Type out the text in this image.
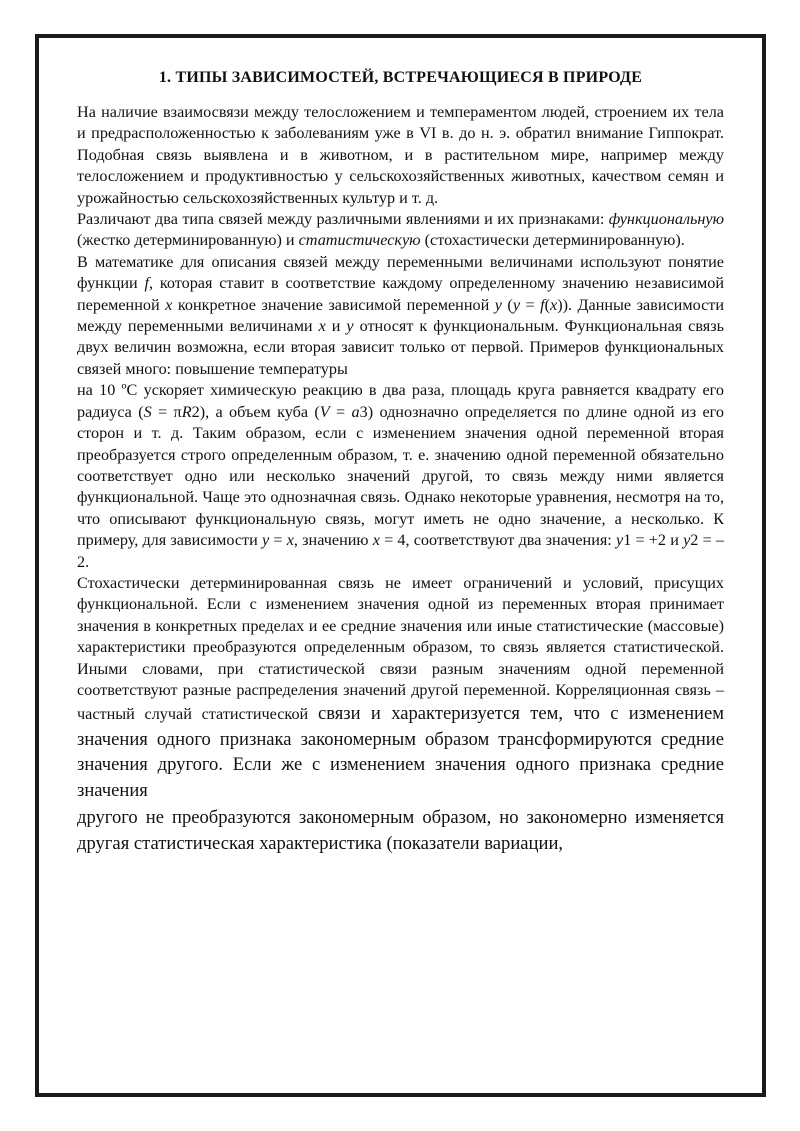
1. ТИПЫ ЗАВИСИМОСТЕЙ, ВСТРЕЧАЮЩИЕСЯ В ПРИРОДЕ

На наличие взаимосвязи между телосложением и темпераментом людей, строением их тела и предрасположенностью к заболеваниям уже в VI в. до н. э. обратил внимание Гиппократ. Подобная связь выявлена и в животном, и в растительном мире, например между телосложением и продуктивностью у сельскохозяйственных животных, качеством семян и урожайностью сельскохозяйственных культур и т. д.

Различают два типа связей между различными явлениями и их признаками: функциональную (жестко детерминированную) и статистическую (стохастически детерминированную).

В математике для описания связей между переменными величинами используют понятие функции f, которая ставит в соответствие каждому определенному значению независимой переменной x конкретное значение зависимой переменной y (y = f(x)). Данные зависимости между переменными величинами x и y относят к функциональным. Функциональная связь двух величин возможна, если вторая зависит только от первой. Примеров функциональных связей много: повышение температуры

на 10 ºС ускоряет химическую реакцию в два раза, площадь круга равняется квадрату его радиуса (S = πR2), а объем куба (V = a3) однозначно определяется по длине одной из его сторон и т. д. Таким образом, если с изменением значения одной переменной вторая преобразуется строго определенным образом, т. е. значению одной переменной обязательно соответствует одно или несколько значений другой, то связь между ними является функциональной. Чаще это однозначная связь. Однако некоторые уравнения, несмотря на то, что описывают функциональную связь, могут иметь не одно значение, а несколько. К примеру, для зависимости y = x, значению x = 4, соответствуют два значения: y1 = +2 и y2 = –2.

Стохастически детерминированная связь не имеет ограничений и условий, присущих функциональной. Если с изменением значения одной из переменных вторая принимает значения в конкретных пределах и ее средние значения или иные статистические (массовые) характеристики преобразуются определенным образом, то связь является статистической. Иными словами, при статистической связи разным значениям одной переменной соответствуют разные распределения значений другой переменной. Корреляционная связь – частный случай статистической связи и характеризуется тем, что с изменением значения одного признака закономерным образом трансформируются средние значения другого. Если же с изменением значения одного признака средние значения

другого не преобразуются закономерным образом, но закономерно изменяется другая статистическая характеристика (показатели вариации,
